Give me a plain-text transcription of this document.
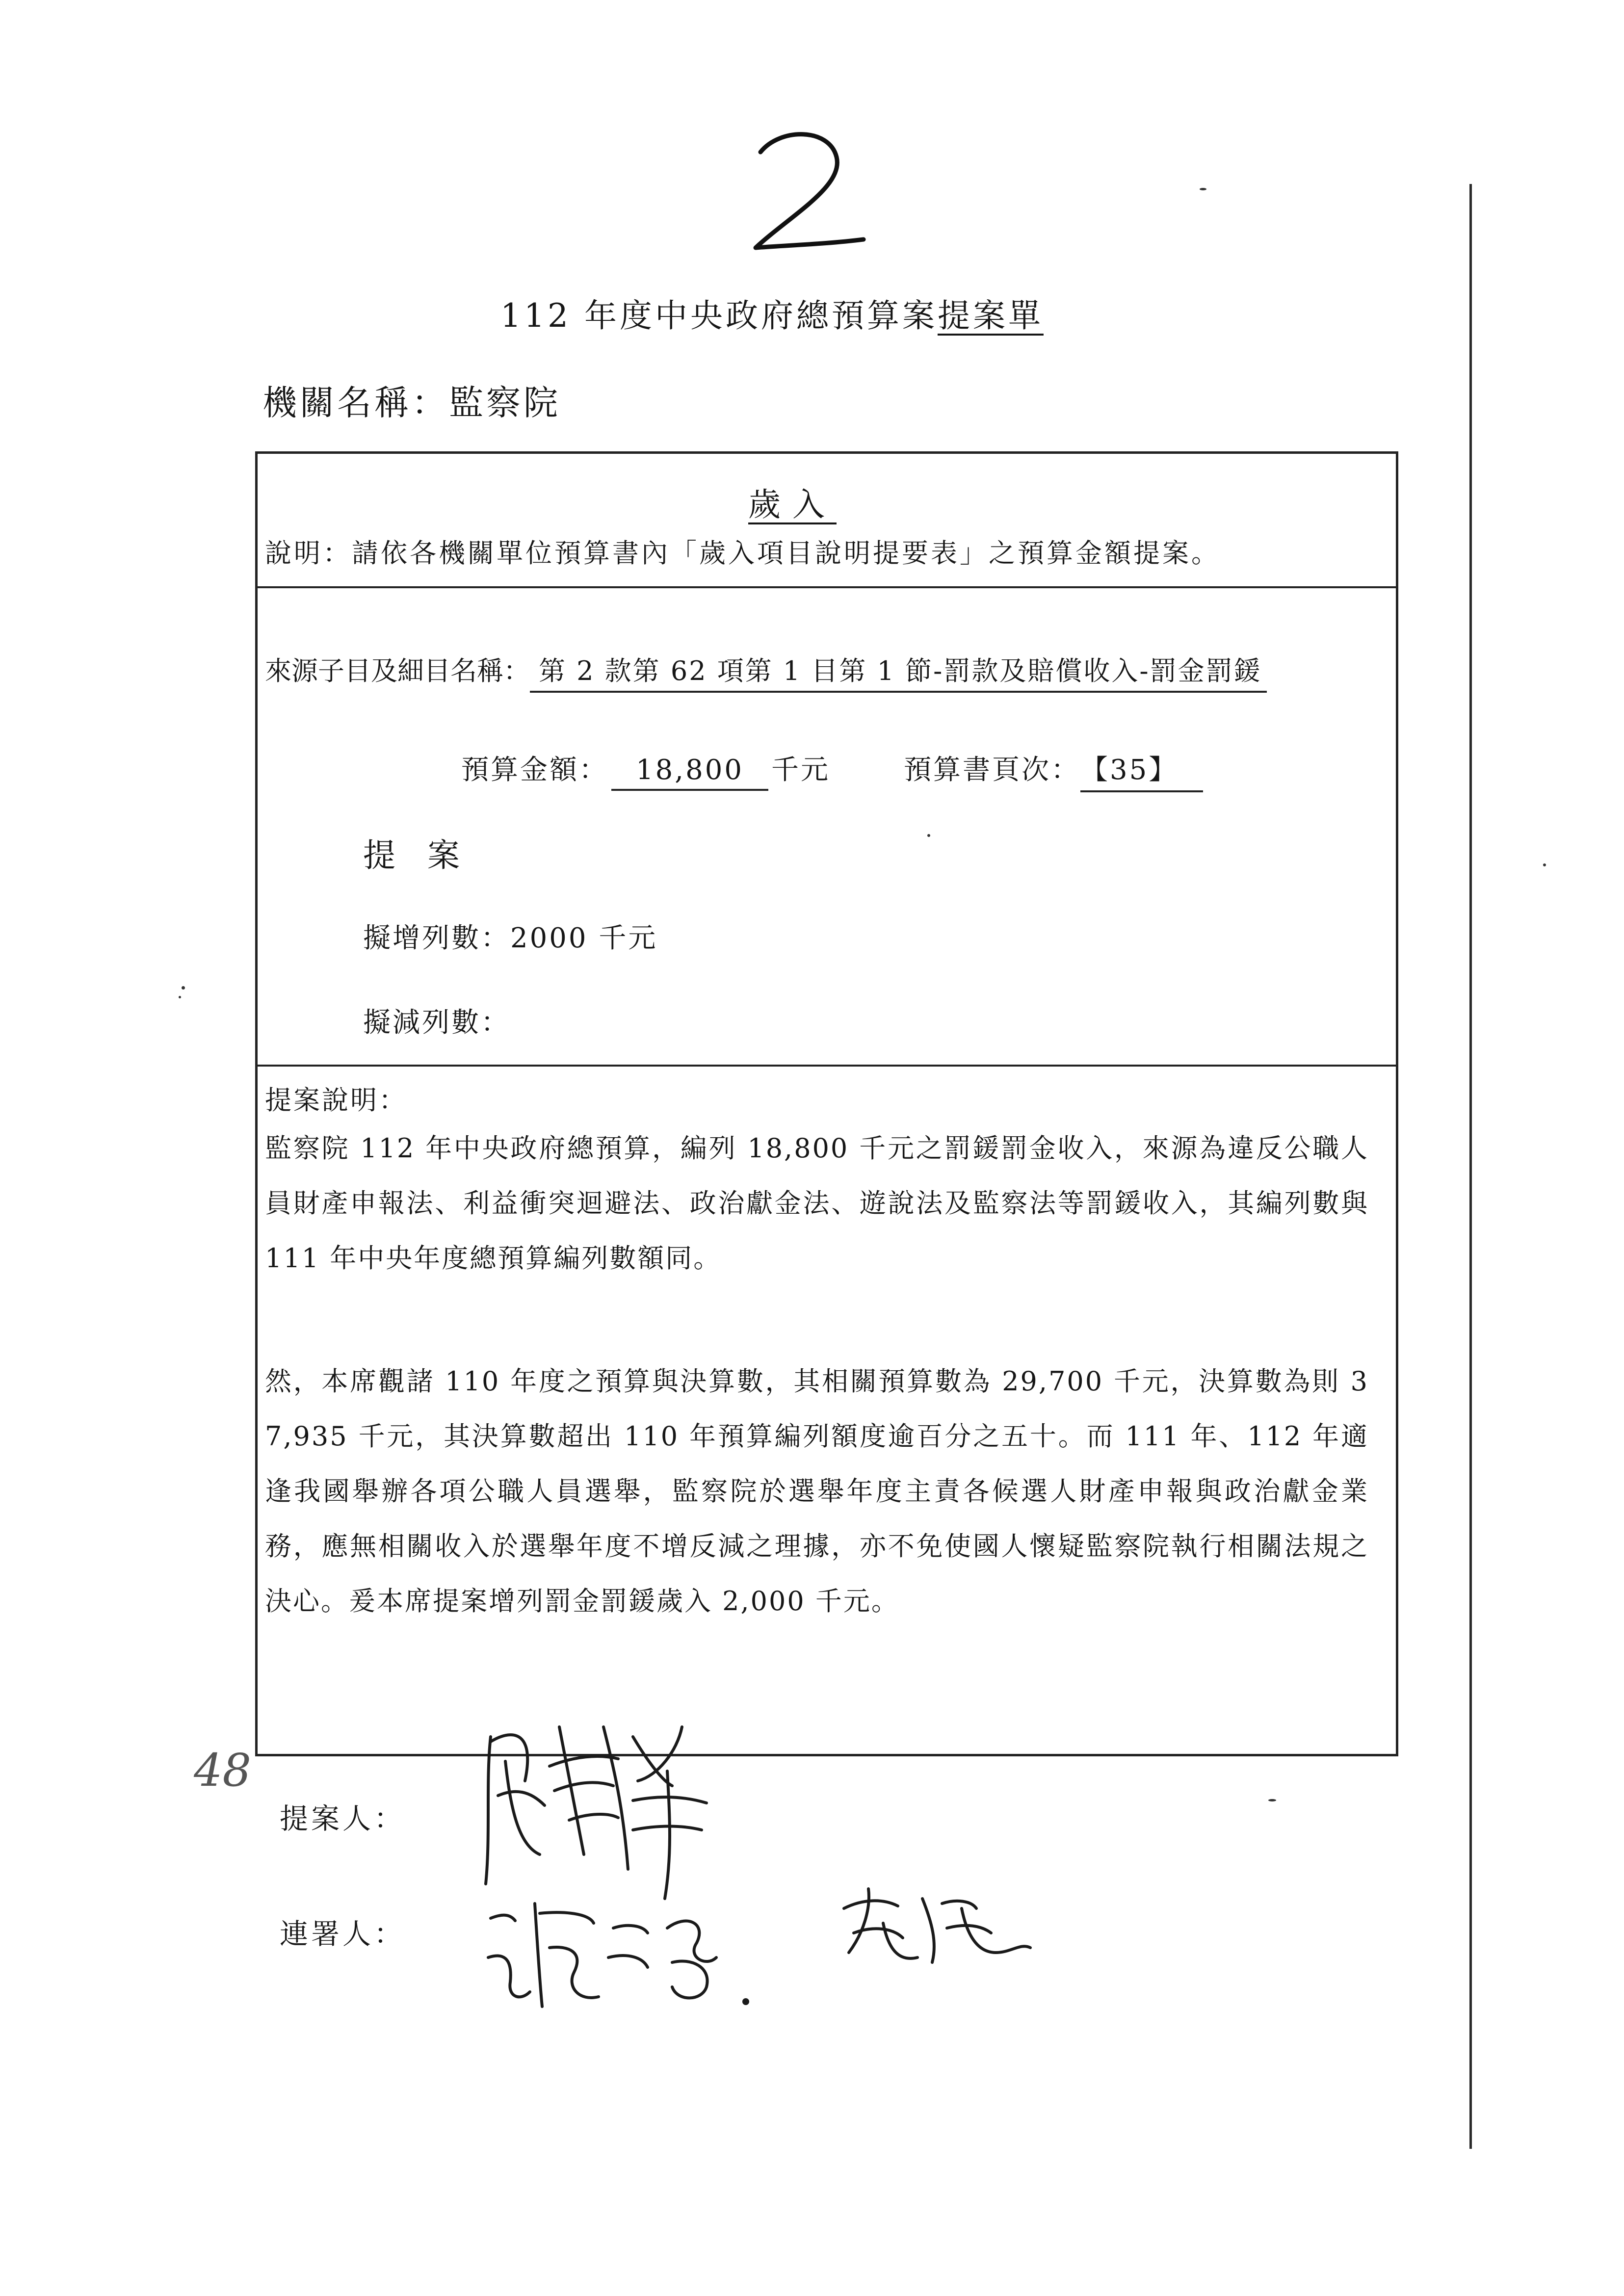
112 年度中央政府總預算案提案單
機關名稱：監察院
歲入
說明：請依各機關單位預算書內「歲入項目說明提要表」之預算金額提案。
來源子目及細目名稱： 第 2 款第 62 項第 1 目第 1 節-罰款及賠償收入-罰金罰鍰
預算金額： 18,800 千元	預算書頁次：【35】
提 案
擬增列數：2000 千元
擬減列數：
提案說明：
監察院 112 年中央政府總預算，編列 18,800 千元之罰鍰罰金收入，來源為違反公職人員財產申報法、利益衝突迴避法、政治獻金法、遊說法及監察法等罰鍰收入，其編列數與 111 年中央年度總預算編列數額同。
然，本席觀諸 110 年度之預算與決算數，其相關預算數為 29,700 千元，決算數為則 37,935 千元，其決算數超出 110 年預算編列額度逾百分之五十。而 111 年、112 年適逢我國舉辦各項公職人員選舉，監察院於選舉年度主責各候選人財產申報與政治獻金業務，應無相關收入於選舉年度不增反減之理據，亦不免使國人懷疑監察院執行相關法規之決心。爰本席提案增列罰金罰鍰歲入 2,000 千元。
48
提案人：
連署人：
